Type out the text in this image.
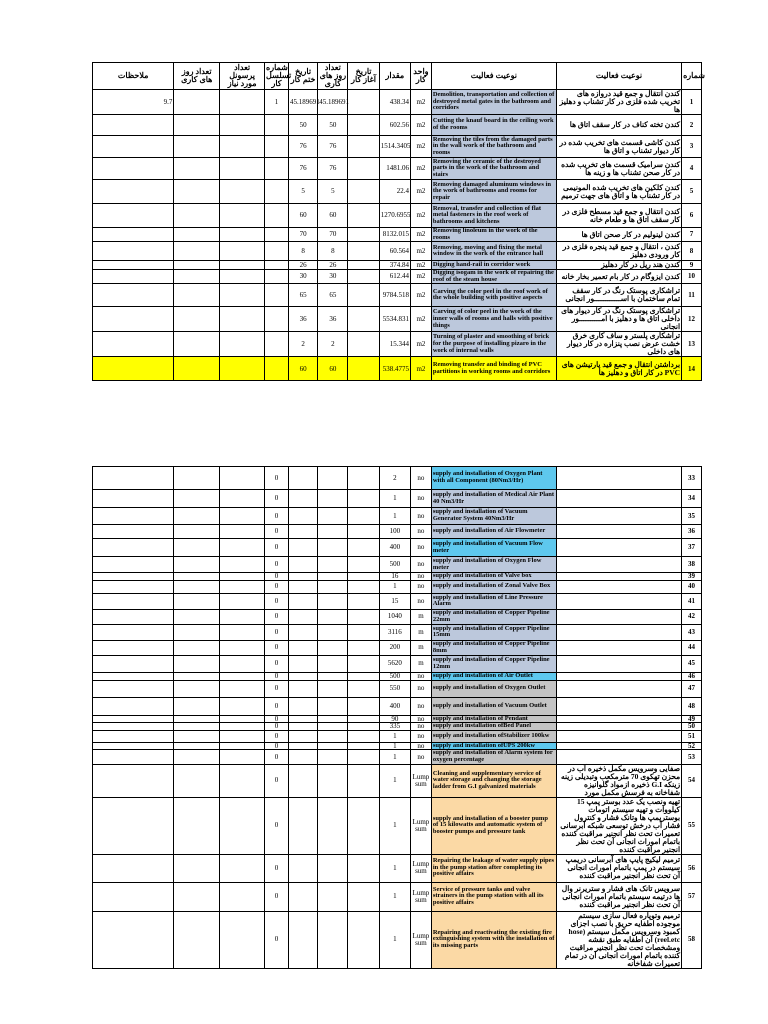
ملاحظات	تعداد روز های کاری	تعداد پرسونل مورد نیاز	شماره تسلسل کار	تاریخ ختم کار	تعداد روز های کاری	تاریخ آغاز کار	مقدار	واحد کار	نوعیت فعالیت	نوعیت فعالیت	شماره
9.7			1	45.189691	45.189691		438.34	m2	Demolition, transportation and collection of destroyed metal gates in the bathroom and corridors	کندن انتقال و جمع قید دروازه های تخریب شده فلزی در کار تشناب و دهلیز ها	1
				50	50		602.56	m2	Cutting the knauf board in the ceiling work of the rooms	کندن تخته کناف در کار سقف اتاق ها	2
				76	76		1514.3405	m2	Removing the tiles from the damaged parts in the wall work of the bathroom and rooms	کندن کاشی قسمت های تخریب شده در کار دیوار تشناب و اتاق ها	3
				76	76		1481.06	m2	Removing the ceramic of the destroyed parts in the work of the bathroom and stairs	کندن سرامیک قسمت های تخریب شده در کار صحن تشناب ها و زینه ها	4
				5	5		22.4	m2	Removing damaged aluminum windows in the work of bathrooms and rooms for repair	کندن کلکین های تخریب شده المونیمی در کار تشناب ها و اتاق های جهت ترمیم	5
				60	60		1270.6955	m2	Removal, transfer and collection of flat metal fasteners in the roof work of bathrooms and kitchens	کندن انتقال و جمع قید مسطح فلزی در کار سقف اتاق ها و طعام خانه	6
				70	70		8132.015	m2	Removing linoleum in the work of the rooms	کندن لینولیم در کار صحن اتاق ها	7
				8	8		60.564	m2	Removing, moving and fixing the metal window in the work of the entrance hall	کندن ، انتقال و جمع قید پنجره فلزی در کار ورودی دهلیز	8
				26	26		374.84	m2	Digging hand-rail in corridor work	کندن هند ریل در کار دهلیز	9
				30	30		612.44	m2	Digging isogam in the work of repairing the roof of the steam house	کندن ایزوگام در کار بام تعمیر بخار خانه	10
				65	65		9784.518	m2	Carving the color peel in the roof work of the whole building with positive aspects	تراشکاری پوستک رنگ در کار سقف تمام ساختمان با اســــــــــــور انجانی	11
				36	36		5534.831	m2	Carving of color peel in the work of the inner walls of rooms and halls with positive things	تراشکاری پوستک رنگ در کار دیوار های داخلی اتاق ها و دهلیز با امــــــــــور انجانی	12
				2	2		15.344	m2	Turning of plaster and smoothing of brick for the purpose of installing pizaro in the work of internal walls	تراشکاری پلستر و ساف کاری خرق خشت عرض نصب پنزاره در کار دیوار های داخلی	13
				60	60		538.4775	m2	Removing transfer and binding of PVC partitions in working rooms and corridors	برداشتن انتقال و جمع قید پارتیشن های PVC در کار اتاق و دهلیز ها	14
			0				2	no	supply and installation of Oxygen Plant with all Component (80Nm3/Hr)		33
			0				1	no	supply and installation of Medical Air Plant 40 Nm3/Hr		34
			0				1	no	supply and installation of Vacuum Generator System 40Nm3/Hr		35
			0				100	no	supply and installation of Air Flowmeter		36
			0				400	no	supply and installation of Vacuum Flow meter		37
			0				500	no	supply and installation of Oxygen Flow meter		38
			0				16	no	supply and installation of Valve box		39
			0				1	no	supply and installation of Zonal Valve Box		40
			0				15	no	supply and installation of Line Pressure Alarm		41
			0				1040	m	supply and installation of Copper Pipeline 22mm		42
			0				3116	m	supply and installation of Copper Pipeline 15mm		43
			0				200	m	supply and installation of Copper Pipeline 8mm		44
			0				5620	m	supply and installation of Copper Pipeline 12mm		45
			0				500	no	supply and installation of Air Outlet		46
			0				550	no	supply and installation of Oxygen Outlet		47
			0				400	no	supply and installation of Vacuum Outlet		48
			0				90	no	supply and installation of Pendant		49
			0				335	no	supply and installation ofBed Panel		50
			0				1	no	supply and installation ofStabilizer 100kw		51
			0				1	no	supply and installation ofUPS 200kw		52
			0				1	no	supply and installation of Alarm system for oxygen percentage		53
			0				1	Lump sum	Cleaning and supplementary service of water storage and changing the storage ladder from G.I galvanized materials	صفایی وسرویس مکمل ذخیره آب در محزن تهکوی 70 مترمکعب وتبدیلی زینه زینکه G.I ذخیره ازمواد گلوانیزه شفاخانه به فرسش مکمل مورد	54
			0				1	Lump sum	supply and installation of a booster pump of 15 kilowatts and automatic system of booster pumps and pressure tank	تهیه ونصب یک عدد بوستر پمپ 15 کیلووات و تهیه سیستم اتومات بوسترپمپ ها وتانک فشار و کنترول فشار آب درخش توسعی شبکه آبرسانی تعمیرات تحت نظر انجنیر مراقبت کننده باتمام امورات انجانی آن تحت نظر انجنیر مراقبت کننده	55
			0				1	Lump sum	Repairing the leakage of water supply pipes in the pump station after completing its positive affairs	ترمیم لیکیج پایپ های آبرسانی دریمپ سیستم در پمپ باتمام امورات انجانی آن تحت نظر انجنیر مراقبت کننده	56
			0				1	Lump sum	Service of pressure tanks and valve strainers in the pump station with all its positive affairs	سرویس تانک های فشار و ستریرنر وال ها درتیمه سیستم باتمام امورات انجانی آن تحت نظر انجنیر مراقبت کننده	57
			0				1	Lump sum	Repairing and reactivating the existing fire extinguishing system with the installation of its missing parts	ترمیم وتوپاره فعال سازی سیستم موجوده اطفایه حریق با نصب اجزای کمبود وسرویس مکمل سیستم (hose reel.etc) آن اطفایه طبق نقشه ومشخصات تحت نظر انجنیر مراقبت کننده باتمام امورات انجانی آن در تمام تعمیرات شفاخانه	58
